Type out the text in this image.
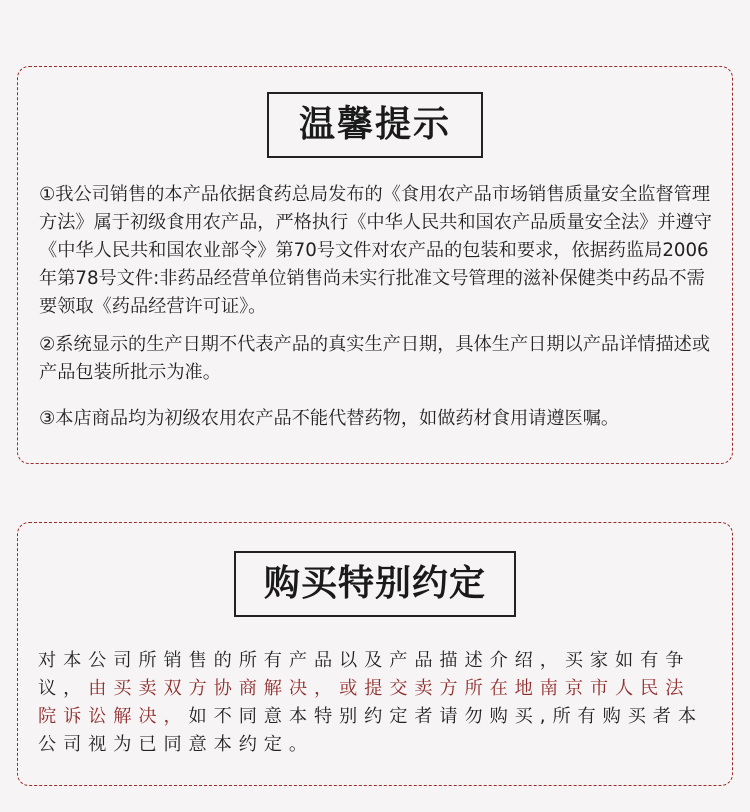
温馨提示

①我公司销售的本产品依据食药总局发布的《食用农产品市场销售质量安全监督管理方法》属于初级食用农产品，严格执行《中华人民共和国农产品质量安全法》并遵守《中华人民共和国农业部令》第70号文件对农产品的包装和要求，依据药监局2006年第78号文件:非药品经营单位销售尚未实行批准文号管理的滋补保健类中药品不需要领取《药品经营许可证》。

②系统显示的生产日期不代表产品的真实生产日期，具体生产日期以产品详情描述或产品包装所批示为准。

③本店商品均为初级农用农产品不能代替药物，如做药材食用请遵医嘱。

购买特别约定

对本公司所销售的所有产品以及产品描述介绍，买家如有争议，由买卖双方协商解决，或提交卖方所在地南京市人民法院诉讼解决，如不同意本特别约定者请勿购买,所有购买者本公司视为已同意本约定。
